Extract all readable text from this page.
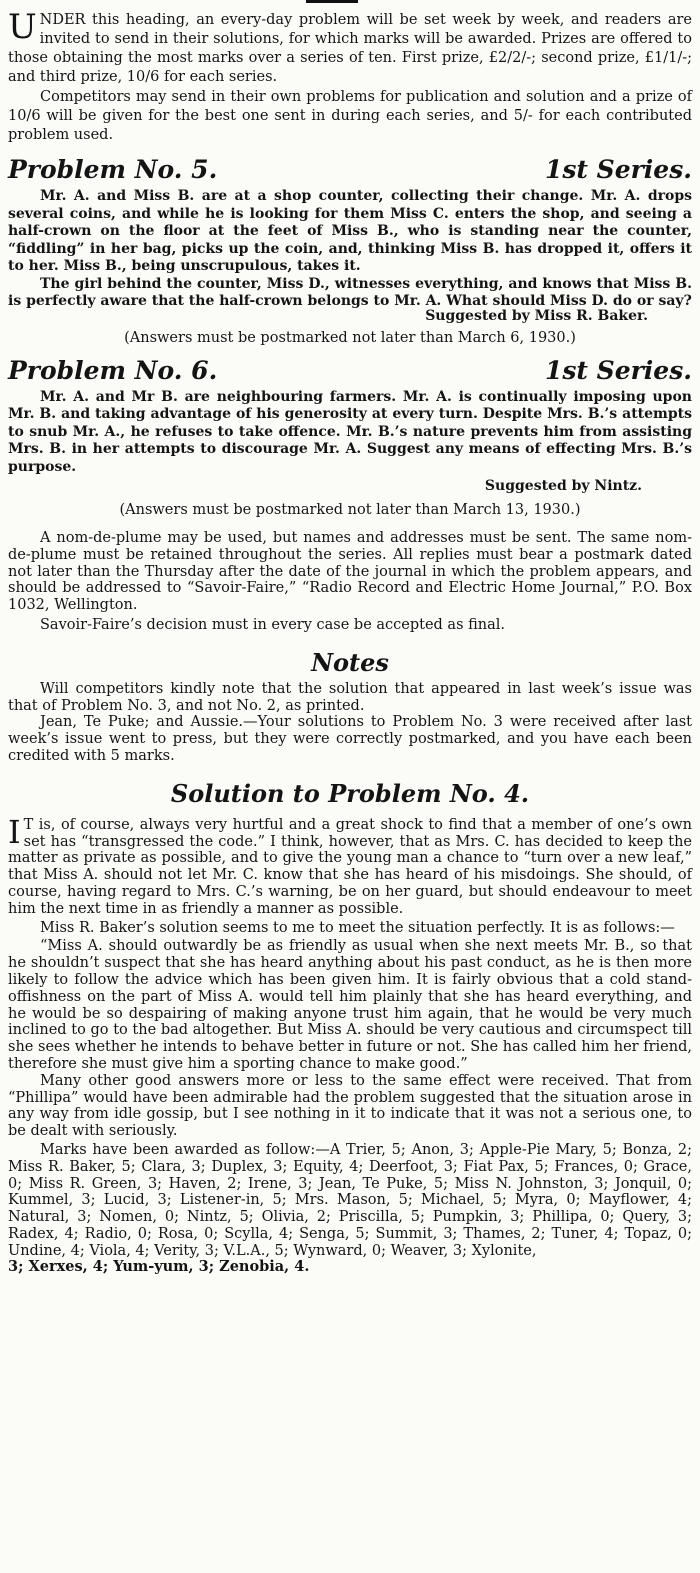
UNDER this heading, an every-day problem will be set week by week, and readers are invited to send in their solutions, for which marks will be awarded. Prizes are offered to those obtaining the most marks over a series of ten. First prize, £2/2/-; second prize, £1/1/-; and third prize, 10/6 for each series.

Competitors may send in their own problems for publication and solution and a prize of 10/6 will be given for the best one sent in during each series, and 5/- for each contributed problem used.

Problem No. 5.	1st Series.

Mr. A. and Miss B. are at a shop counter, collecting their change. Mr. A. drops several coins, and while he is looking for them Miss C. enters the shop, and seeing a half-crown on the floor at the feet of Miss B., who is standing near the counter, “fiddling” in her bag, picks up the coin, and, thinking Miss B. has dropped it, offers it to her. Miss B., being unscrupulous, takes it.

The girl behind the counter, Miss D., witnesses everything, and knows that Miss B. is perfectly aware that the half-crown belongs to Mr. A. What should Miss D. do or say?

Suggested by Miss R. Baker.

(Answers must be postmarked not later than March 6, 1930.)

Problem No. 6.	1st Series.

Mr. A. and Mr B. are neighbouring farmers. Mr. A. is continually imposing upon Mr. B. and taking advantage of his generosity at every turn. Despite Mrs. B.’s attempts to snub Mr. A., he refuses to take offence. Mr. B.’s nature prevents him from assisting Mrs. B. in her attempts to discourage Mr. A. Suggest any means of effecting Mrs. B.’s purpose.

Suggested by Nintz.

(Answers must be postmarked not later than March 13, 1930.)

A nom-de-plume may be used, but names and addresses must be sent. The same nom-de-plume must be retained throughout the series. All replies must bear a postmark dated not later than the Thursday after the date of the journal in which the problem appears, and should be addressed to “Savoir-Faire,” “Radio Record and Electric Home Journal,” P.O. Box 1032, Wellington.

Savoir-Faire’s decision must in every case be accepted as final.

Notes

Will competitors kindly note that the solution that appeared in last week’s issue was that of Problem No. 3, and not No. 2, as printed.

Jean, Te Puke; and Aussie.—Your solutions to Problem No. 3 were received after last week’s issue went to press, but they were correctly postmarked, and you have each been credited with 5 marks.

Solution to Problem No. 4.

I T is, of course, always very hurtful and a great shock to find that a member of one’s own set has “transgressed the code.” I think, however, that as Mrs. C. has decided to keep the matter as private as possible, and to give the young man a chance to “turn over a new leaf,” that Miss A. should not let Mr. C. know that she has heard of his misdoings. She should, of course, having regard to Mrs. C.’s warning, be on her guard, but should endeavour to meet him the next time in as friendly a manner as possible.

Miss R. Baker’s solution seems to me to meet the situation perfectly. It is as follows:—

“Miss A. should outwardly be as friendly as usual when she next meets Mr. B., so that he shouldn’t suspect that she has heard anything about his past conduct, as he is then more likely to follow the advice which has been given him. It is fairly obvious that a cold stand-offishness on the part of Miss A. would tell him plainly that she has heard everything, and he would be so despairing of making anyone trust him again, that he would be very much inclined to go to the bad altogether. But Miss A. should be very cautious and circumspect till she sees whether he intends to behave better in future or not. She has called him her friend, therefore she must give him a sporting chance to make good.”

Many other good answers more or less to the same effect were received. That from “Phillipa” would have been admirable had the problem suggested that the situation arose in any way from idle gossip, but I see nothing in it to indicate that it was not a serious one, to be dealt with seriously.

Marks have been awarded as follow:—A Trier, 5; Anon, 3; Apple-Pie Mary, 5; Bonza, 2; Miss R. Baker, 5; Clara, 3; Duplex, 3; Equity, 4; Deerfoot, 3; Fiat Pax, 5; Frances, 0; Grace, 0; Miss R. Green, 3; Haven, 2; Irene, 3; Jean, Te Puke, 5; Miss N. Johnston, 3; Jonquil, 0; Kummel, 3; Lucid, 3; Listener-in, 5; Mrs. Mason, 5; Michael, 5; Myra, 0; Mayflower, 4; Natural, 3; Nomen, 0; Nintz, 5; Olivia, 2; Priscilla, 5; Pumpkin, 3; Phillipa, 0; Query, 3; Radex, 4; Radio, 0; Rosa, 0; Scylla, 4; Senga, 5; Summit, 3; Thames, 2; Tuner, 4; Topaz, 0; Undine, 4; Viola, 4; Verity, 3; V.L.A., 5; Wynward, 0; Weaver, 3; Xylonite,

3; Xerxes, 4; Yum-yum, 3; Zenobia, 4.
